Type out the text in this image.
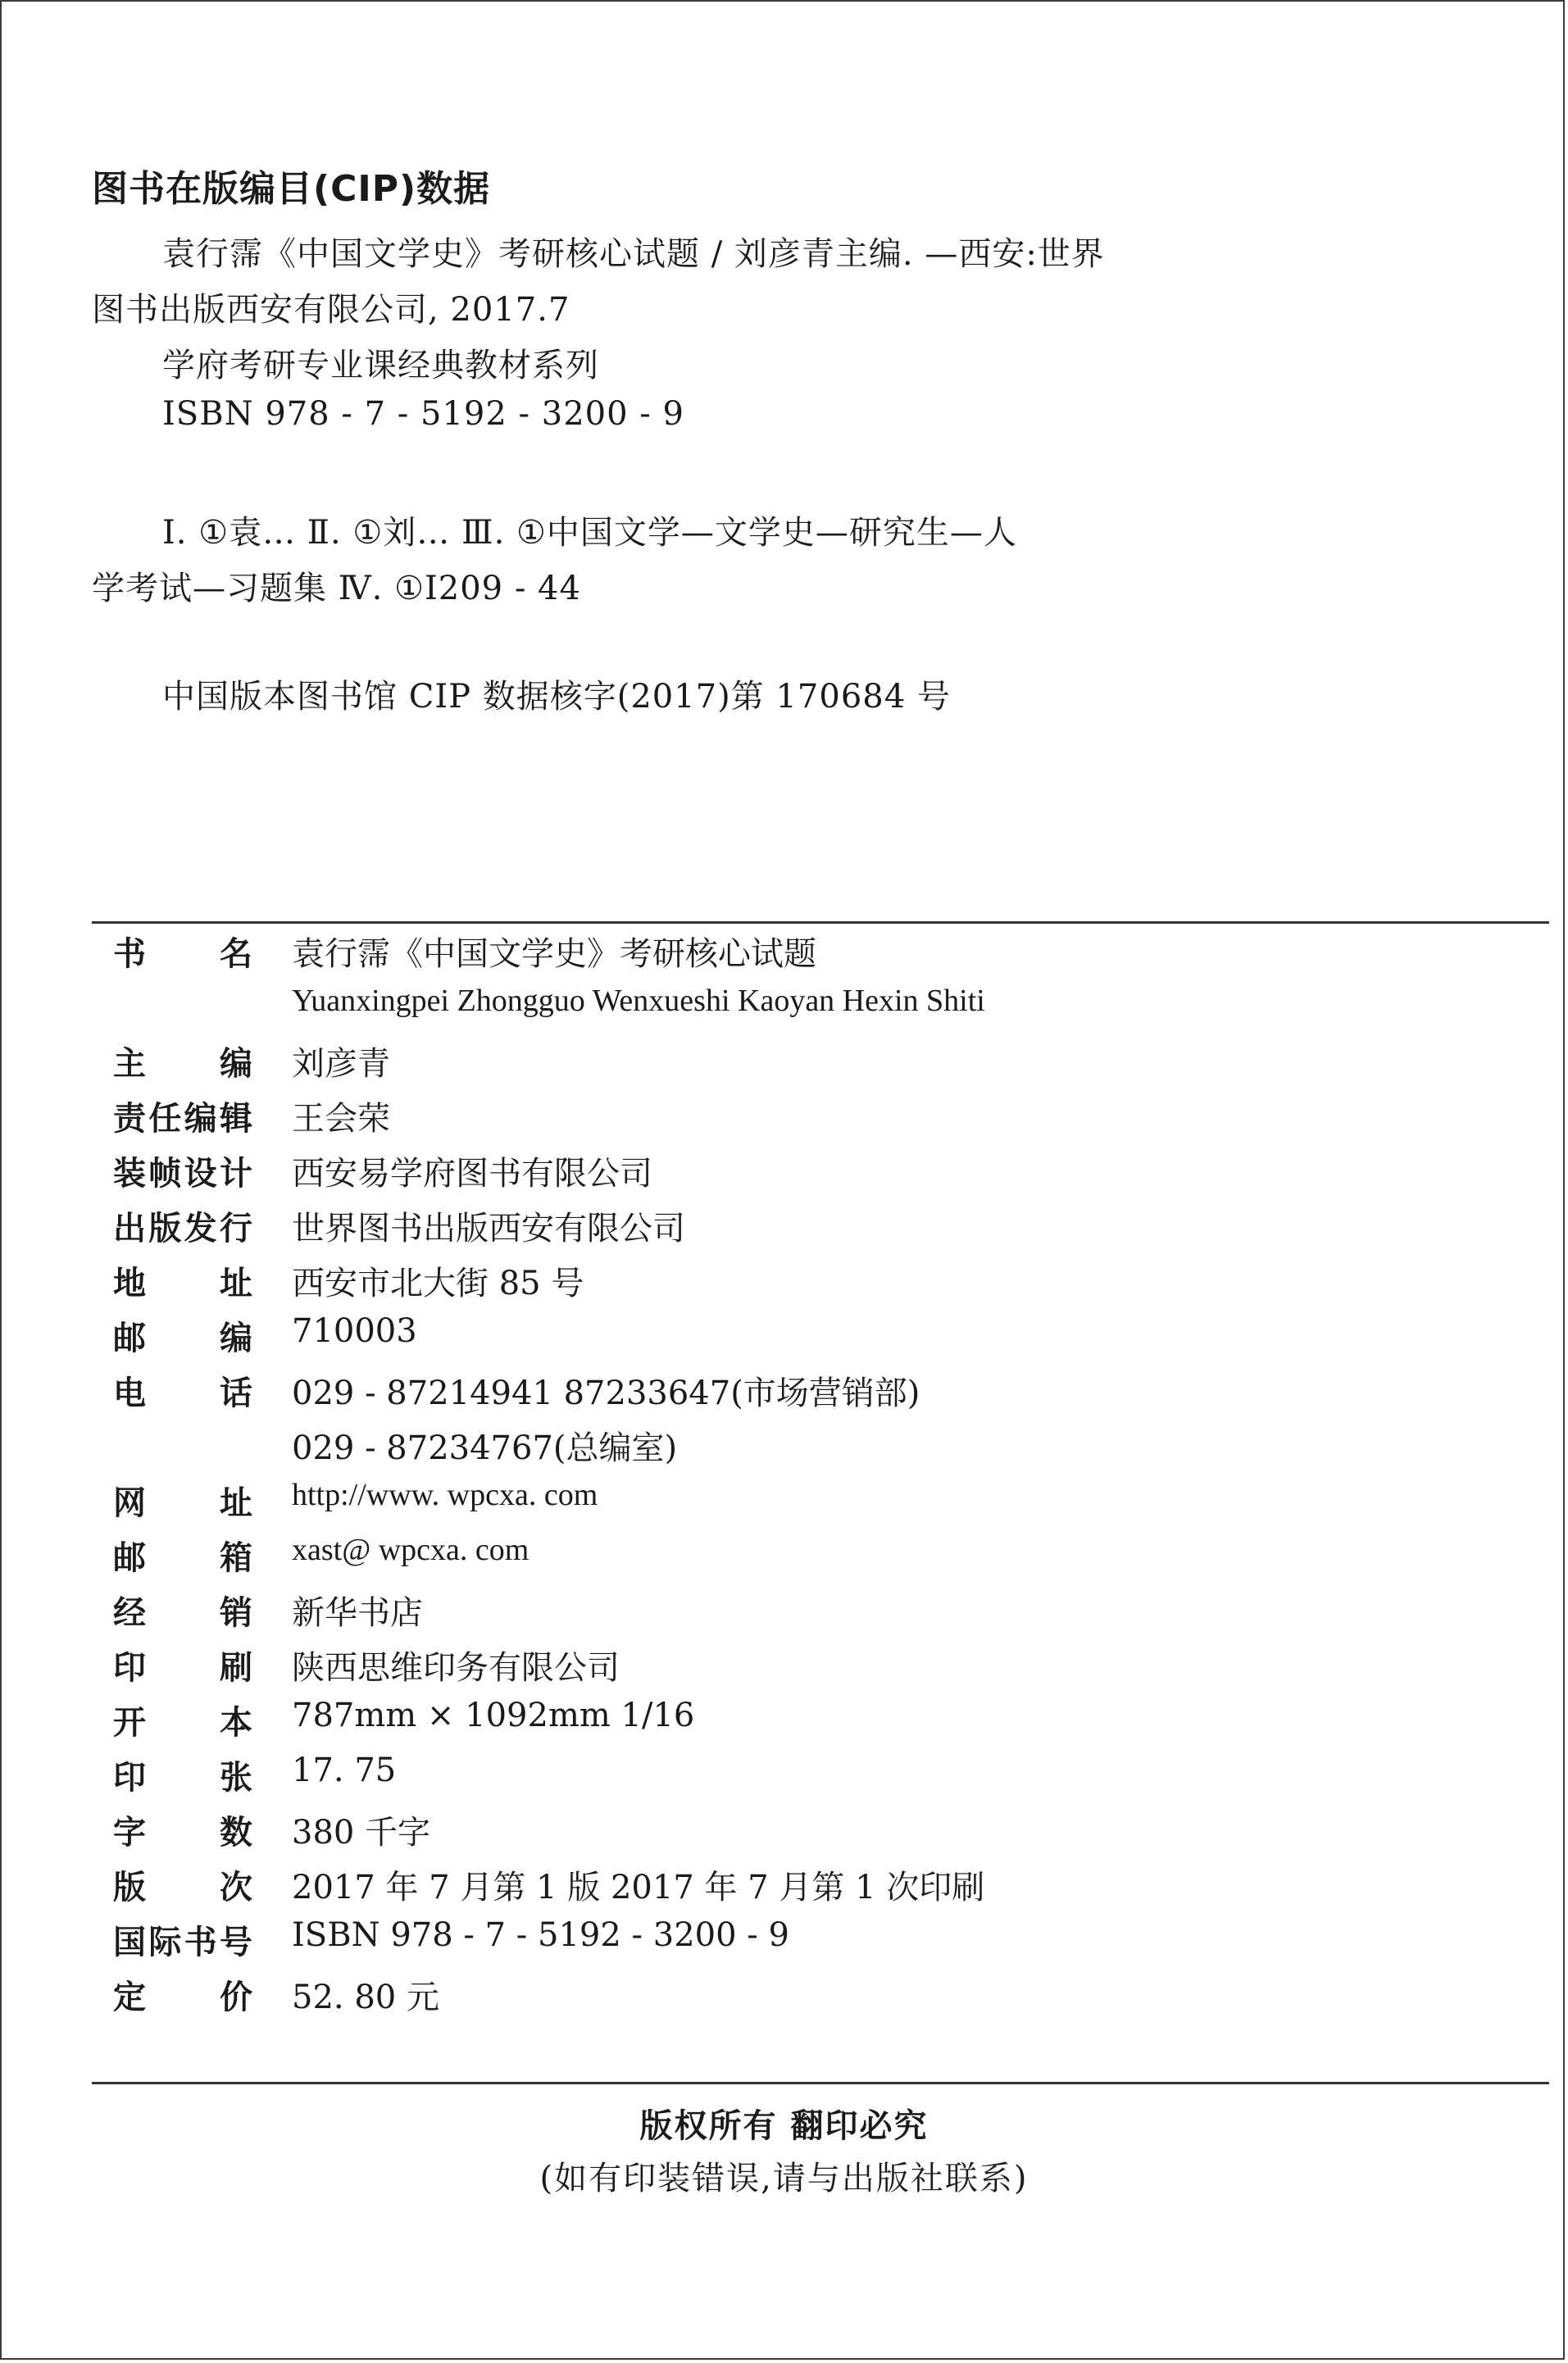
图书在版编目(CIP)数据
袁行霈《中国文学史》考研核心试题 / 刘彦青主编. —西安:世界
图书出版西安有限公司, 2017.7
学府考研专业课经典教材系列
ISBN 978 - 7 - 5192 - 3200 - 9
Ⅰ. ①袁… Ⅱ. ①刘… Ⅲ. ①中国文学—文学史—研究生—人
学考试—习题集 Ⅳ. ①I209 - 44
中国版本图书馆 CIP 数据核字(2017)第 170684 号
书名 袁行霈《中国文学史》考研核心试题
Yuanxingpei Zhongguo Wenxueshi Kaoyan Hexin Shiti
主编 刘彦青
责任编辑 王会荣
装帧设计 西安易学府图书有限公司
出版发行 世界图书出版西安有限公司
地址 西安市北大街 85 号
邮编 710003
电话 029 - 87214941 87233647(市场营销部)
029 - 87234767(总编室)
网址 http://www. wpcxa. com
邮箱 xast@ wpcxa. com
经销 新华书店
印刷 陕西思维印务有限公司
开本 787mm × 1092mm 1/16
印张 17. 75
字数 380 千字
版次 2017 年 7 月第 1 版 2017 年 7 月第 1 次印刷
国际书号 ISBN 978 - 7 - 5192 - 3200 - 9
定价 52. 80 元
版权所有 翻印必究
(如有印装错误,请与出版社联系)
